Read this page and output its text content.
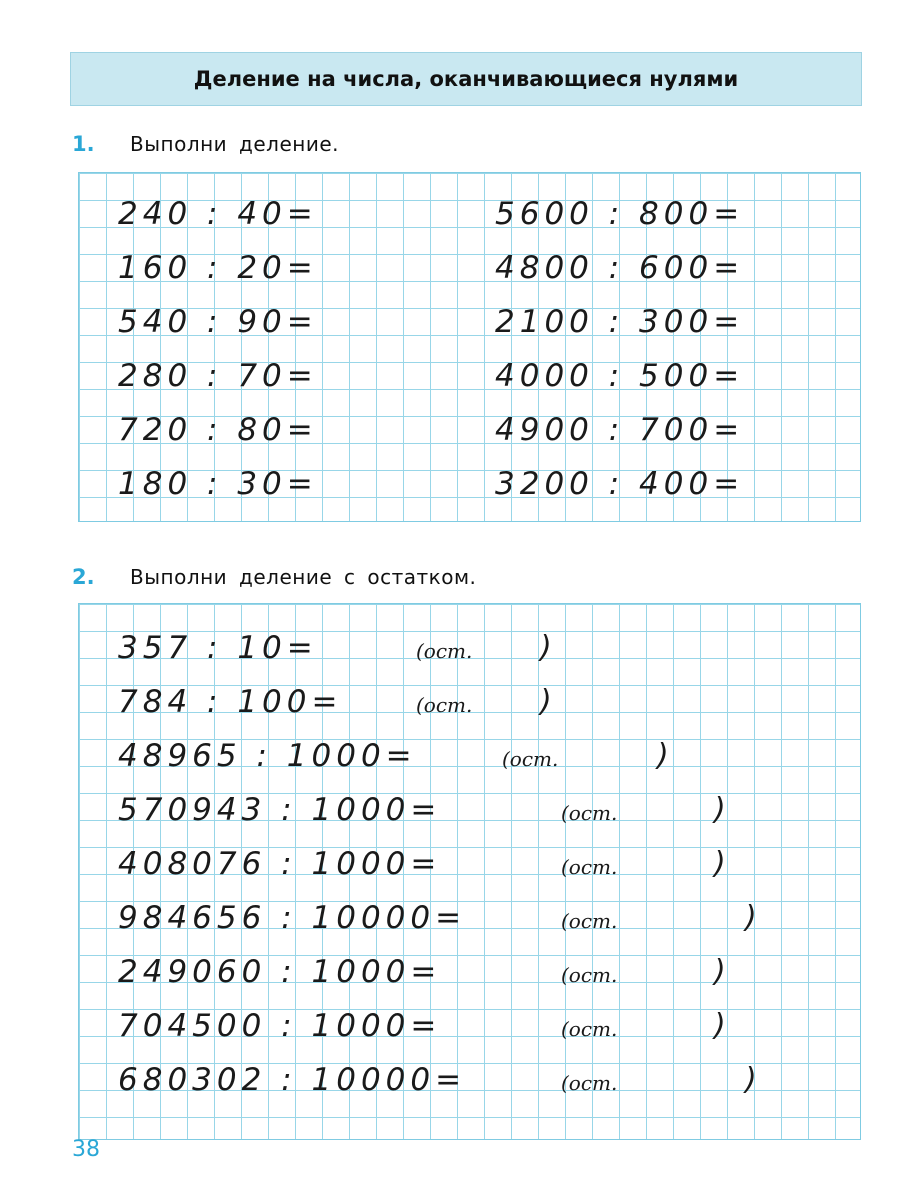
Деление на числа, оканчивающиеся нулями
1. Выполни деление.
240 : 40=
160 : 20=
540 : 90=
280 : 70=
720 : 80=
180 : 30=
5600 : 800=
4800 : 600=
2100 : 300=
4000 : 500=
4900 : 700=
3200 : 400=
2. Выполни деление с остатком.
357 : 10=	(ост. )
784 : 100=	(ост. )
48965 : 1000=	(ост.	)
570943 : 1000=	(ост.	)
408076 : 1000=	(ост.	)
984656 : 10000=	(ост.	)
249060 : 1000=	(ост.	)
704500 : 1000=	(ост.	)
680302 : 10000=	(ост.	)
38
